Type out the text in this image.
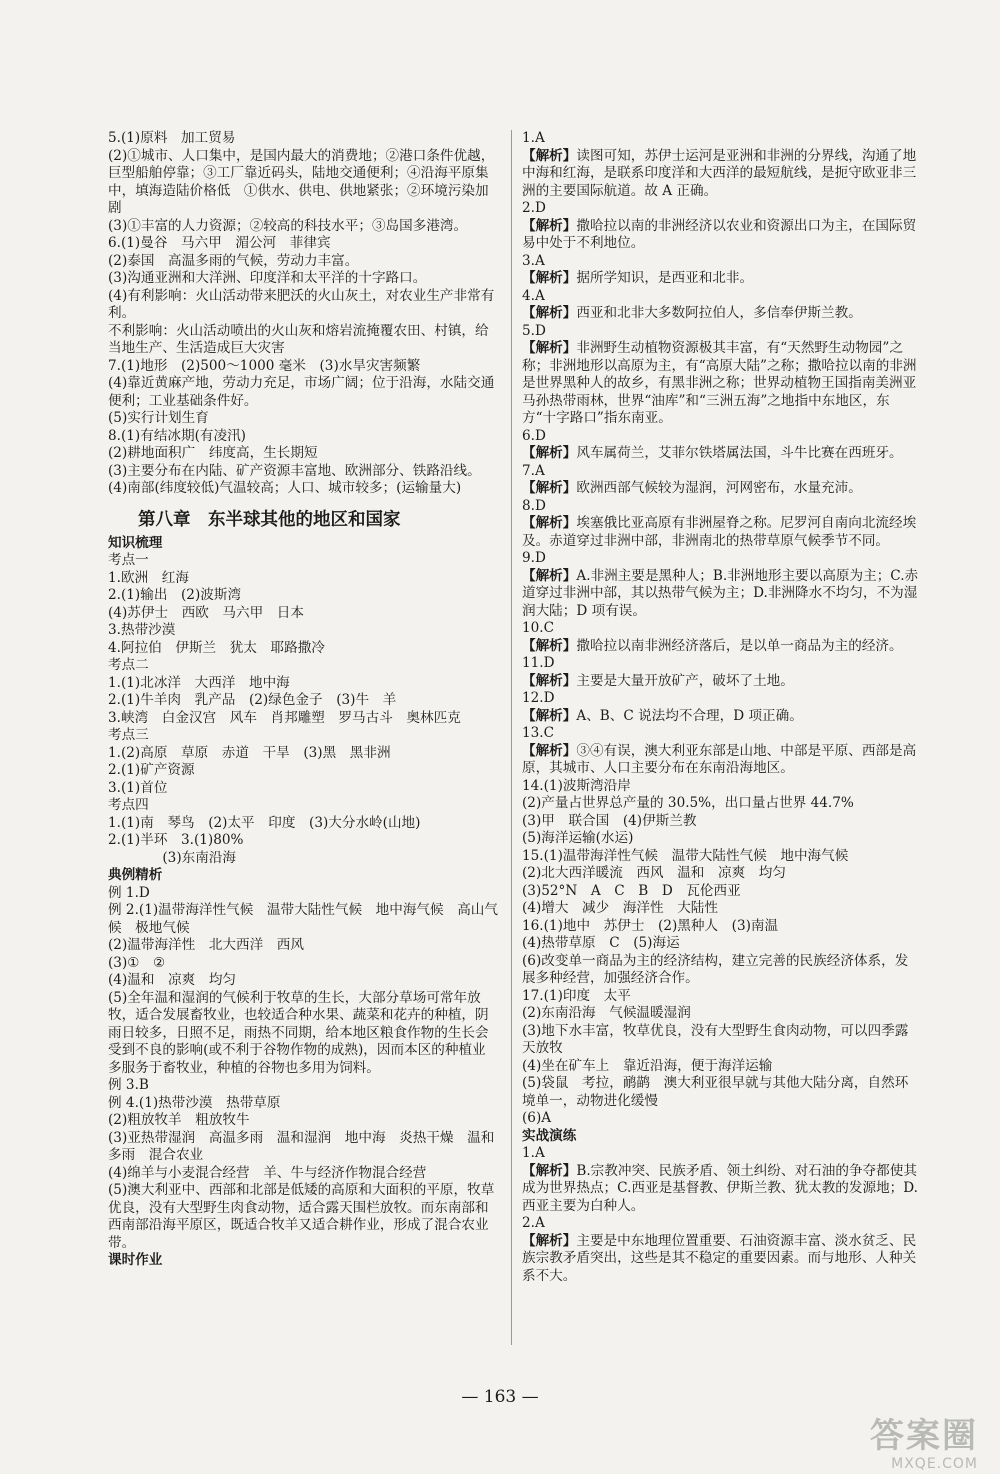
5.(1)原料　加工贸易
(2)①城市、人口集中，是国内最大的消费地；②港口条件优越，巨型船舶停靠；③工厂靠近码头，陆地交通便利；④沿海平原集中，填海造陆价格低　①供水、供电、供地紧张；②环境污染加剧
(3)①丰富的人力资源；②较高的科技水平；③岛国多港湾。
6.(1)曼谷　马六甲　湄公河　菲律宾
(2)泰国　高温多雨的气候，劳动力丰富。
(3)沟通亚洲和大洋洲、印度洋和太平洋的十字路口。
(4)有利影响：火山活动带来肥沃的火山灰土，对农业生产非常有利。
不利影响：火山活动喷出的火山灰和熔岩流掩覆农田、村镇，给当地生产、生活造成巨大灾害
7.(1)地形　(2)500～1000 毫米　(3)水旱灾害频繁
(4)靠近黄麻产地，劳动力充足，市场广阔；位于沿海，水陆交通便利；工业基础条件好。
(5)实行计划生育
8.(1)有结冰期(有凌汛)
(2)耕地面积广　纬度高，生长期短
(3)主要分布在内陆、矿产资源丰富地、欧洲部分、铁路沿线。
(4)南部(纬度较低)气温较高；人口、城市较多；(运输量大)
第八章　东半球其他的地区和国家
知识梳理
考点一
1.欧洲　红海
2.(1)输出　(2)波斯湾
(4)苏伊士　西欧　马六甲　日本
3.热带沙漠
4.阿拉伯　伊斯兰　犹太　耶路撒冷
考点二
1.(1)北冰洋　大西洋　地中海
2.(1)牛羊肉　乳产品　(2)绿色金子　(3)牛　羊
3.峡湾　白金汉宫　风车　肖邦雕塑　罗马古斗　奥林匹克
考点三
1.(2)高原　草原　赤道　干旱　(3)黑　黑非洲
2.(1)矿产资源
3.(1)首位
考点四
1.(1)南　琴鸟　(2)太平　印度　(3)大分水岭(山地)
2.(1)半环　3.(1)80%
　　　　(3)东南沿海
典例精析
例 1.D
例 2.(1)温带海洋性气候　温带大陆性气候　地中海气候　高山气候　极地气候
(2)温带海洋性　北大西洋　西风
(3)①　②
(4)温和　凉爽　均匀
(5)全年温和湿润的气候利于牧草的生长，大部分草场可常年放牧，适合发展畜牧业，也较适合种水果、蔬菜和花卉的种植，阴雨日较多，日照不足，雨热不同期，给本地区粮食作物的生长会受到不良的影响(或不利于谷物作物的成熟)，因而本区的种植业多服务于畜牧业，种植的谷物也多用为饲料。
例 3.B
例 4.(1)热带沙漠　热带草原
(2)粗放牧羊　粗放牧牛
(3)亚热带湿润　高温多雨　温和湿润　地中海　炎热干燥　温和多雨　混合农业
(4)绵羊与小麦混合经营　羊、牛与经济作物混合经营
(5)澳大利亚中、西部和北部是低矮的高原和大面积的平原，牧草优良，没有大型野生肉食动物，适合露天围栏放牧。而东南部和西南部沿海平原区，既适合牧羊又适合耕作业，形成了混合农业带。
课时作业
1.A
【解析】读图可知，苏伊士运河是亚洲和非洲的分界线，沟通了地中海和红海，是联系印度洋和大西洋的最短航线，是扼守欧亚非三洲的主要国际航道。故 A 正确。
2.D
【解析】撒哈拉以南的非洲经济以农业和资源出口为主，在国际贸易中处于不利地位。
3.A
【解析】据所学知识，是西亚和北非。
4.A
【解析】西亚和北非大多数阿拉伯人，多信奉伊斯兰教。
5.D
【解析】非洲野生动植物资源极其丰富，有“天然野生动物园”之称；非洲地形以高原为主，有“高原大陆”之称；撒哈拉以南的非洲是世界黑种人的故乡，有黑非洲之称；世界动植物王国指南美洲亚马孙热带雨林，世界“油库”和“三洲五海”之地指中东地区，东方“十字路口”指东南亚。
6.D
【解析】风车属荷兰，艾菲尔铁塔属法国，斗牛比赛在西班牙。
7.A
【解析】欧洲西部气候较为湿润，河网密布，水量充沛。
8.D
【解析】埃塞俄比亚高原有非洲屋脊之称。尼罗河自南向北流经埃及。赤道穿过非洲中部，非洲南北的热带草原气候季节不同。
9.D
【解析】A.非洲主要是黑种人；B.非洲地形主要以高原为主；C.赤道穿过非洲中部，其以热带气候为主；D.非洲降水不均匀，不为湿润大陆；D 项有误。
10.C
【解析】撒哈拉以南非洲经济落后，是以单一商品为主的经济。
11.D
【解析】主要是大量开放矿产，破坏了土地。
12.D
【解析】A、B、C 说法均不合理，D 项正确。
13.C
【解析】③④有误，澳大利亚东部是山地、中部是平原、西部是高原，其城市、人口主要分布在东南沿海地区。
14.(1)波斯湾沿岸
(2)产量占世界总产量的 30.5%，出口量占世界 44.7%
(3)甲　联合国　(4)伊斯兰教
(5)海洋运输(水运)
15.(1)温带海洋性气候　温带大陆性气候　地中海气候
(2)北大西洋暖流　西风　温和　凉爽　均匀
(3)52°N　A　C　B　D　瓦伦西亚
(4)增大　减少　海洋性　大陆性
16.(1)地中　苏伊士　(2)黑种人　(3)南温
(4)热带草原　C　(5)海运
(6)改变单一商品为主的经济结构，建立完善的民族经济体系，发展多种经营，加强经济合作。
17.(1)印度　太平
(2)东南沿海　气候温暖湿润
(3)地下水丰富，牧草优良，没有大型野生食肉动物，可以四季露天放牧
(4)坐在矿车上　靠近沿海，便于海洋运输
(5)袋鼠　考拉，鸸鹋　澳大利亚很早就与其他大陆分离，自然环境单一，动物进化缓慢
(6)A
实战演练
1.A
【解析】B.宗教冲突、民族矛盾、领土纠纷、对石油的争夺都使其成为世界热点；C.西亚是基督教、伊斯兰教、犹太教的发源地；D.西亚主要为白种人。
2.A
【解析】主要是中东地理位置重要、石油资源丰富、淡水贫乏、民族宗教矛盾突出，这些是其不稳定的重要因素。而与地形、人种关系不大。
— 163 —
答案圈
MXQE.COM
